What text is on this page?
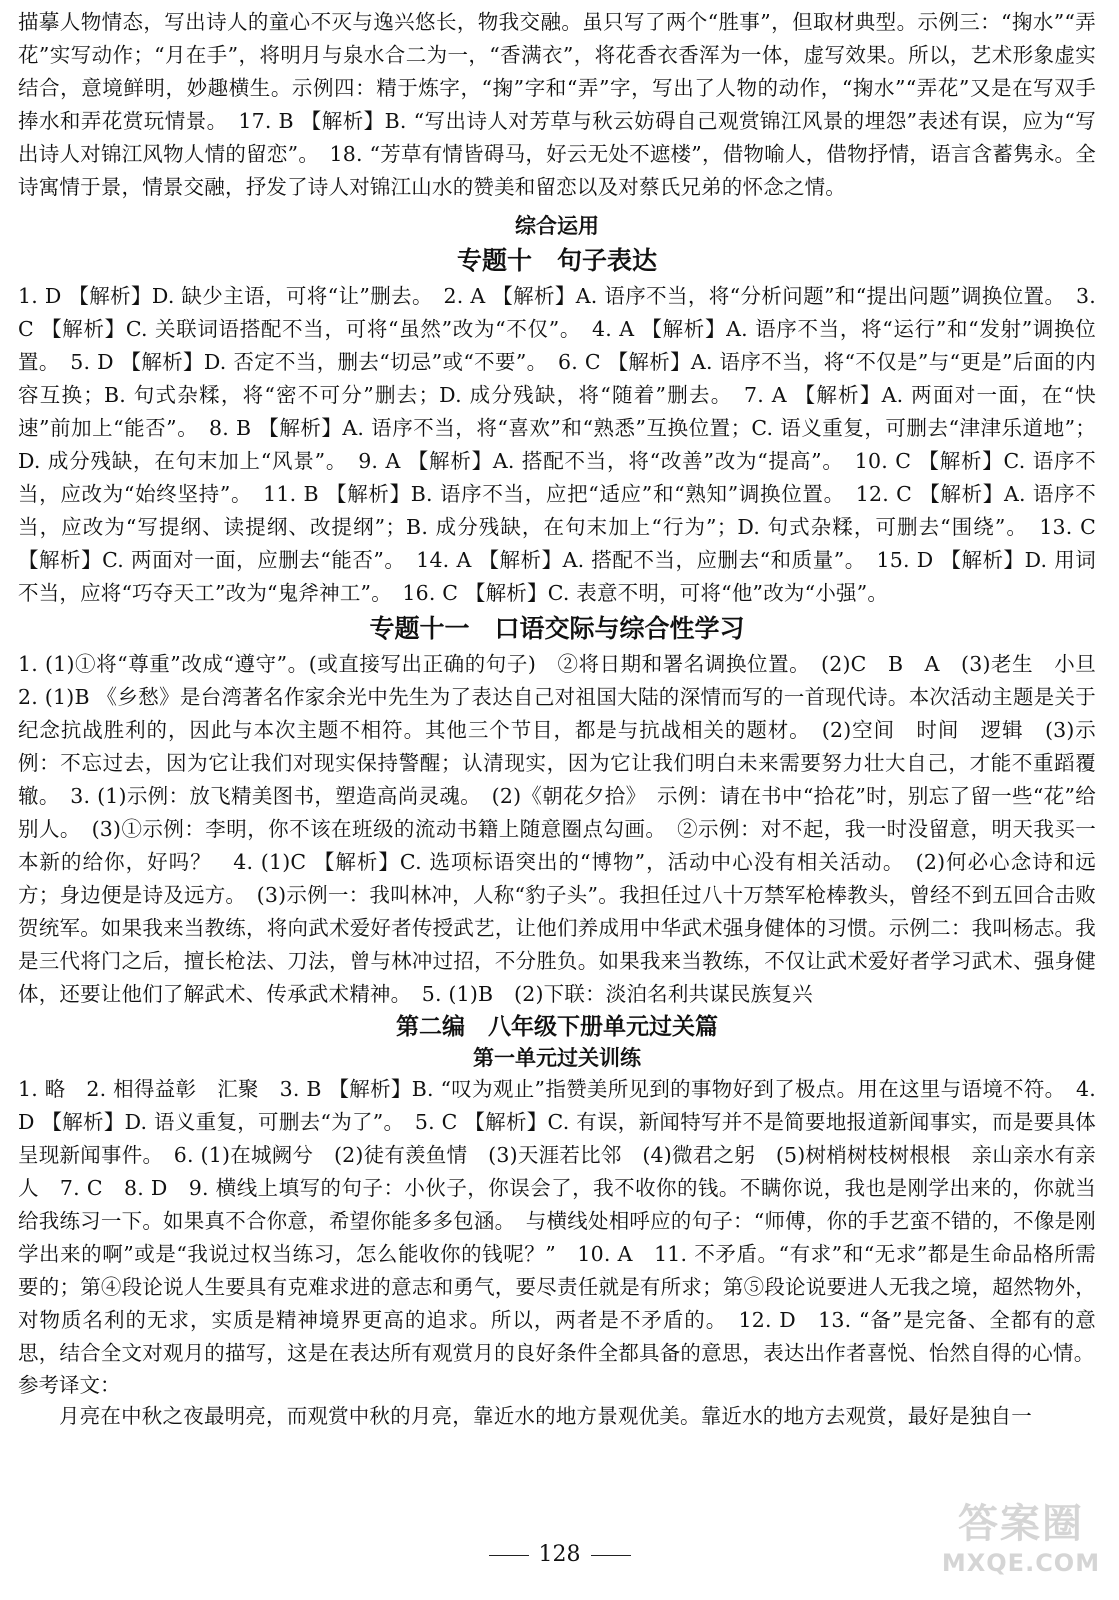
描摹人物情态，写出诗人的童心不灭与逸兴悠长，物我交融。虽只写了两个“胜事”，但取材典型。示例三：“掬水”“弄花”实写动作；“月在手”，将明月与泉水合二为一，“香满衣”，将花香衣香浑为一体，虚写效果。所以，艺术形象虚实结合，意境鲜明，妙趣横生。示例四：精于炼字，“掬”字和“弄”字，写出了人物的动作，“掬水”“弄花”又是在写双手捧水和弄花赏玩情景。　17. B 【解析】B. “写出诗人对芳草与秋云妨碍自己观赏锦江风景的埋怨”表述有误，应为“写出诗人对锦江风物人情的留恋”。　18. “芳草有情皆碍马，好云无处不遮楼”，借物喻人，借物抒情，语言含蓄隽永。全诗寓情于景，情景交融，抒发了诗人对锦江山水的赞美和留恋以及对蔡氏兄弟的怀念之情。

综合运用
专题十　句子表达

1. D 【解析】D. 缺少主语，可将“让”删去。　2. A 【解析】A. 语序不当，将“分析问题”和“提出问题”调换位置。　3. C 【解析】C. 关联词语搭配不当，可将“虽然”改为“不仅”。　4. A 【解析】A. 语序不当，将“运行”和“发射”调换位置。　5. D 【解析】D. 否定不当，删去“切忌”或“不要”。　6. C 【解析】A. 语序不当，将“不仅是”与“更是”后面的内容互换；B. 句式杂糅，将“密不可分”删去；D. 成分残缺，将“随着”删去。　7. A 【解析】A. 两面对一面，在“快速”前加上“能否”。　8. B 【解析】A. 语序不当，将“喜欢”和“熟悉”互换位置；C. 语义重复，可删去“津津乐道地”；D. 成分残缺，在句末加上“风景”。　9. A 【解析】A. 搭配不当，将“改善”改为“提高”。　10. C 【解析】C. 语序不当，应改为“始终坚持”。　11. B 【解析】B. 语序不当，应把“适应”和“熟知”调换位置。　12. C 【解析】A. 语序不当，应改为“写提纲、读提纲、改提纲”；B. 成分残缺，在句末加上“行为”；D. 句式杂糅，可删去“围绕”。　13. C 【解析】C. 两面对一面，应删去“能否”。　14. A 【解析】A. 搭配不当，应删去“和质量”。　15. D 【解析】D. 用词不当，应将“巧夺天工”改为“鬼斧神工”。　16. C 【解析】C. 表意不明，可将“他”改为“小强”。

专题十一　口语交际与综合性学习

1. (1)①将“尊重”改成“遵守”。(或直接写出正确的句子)　②将日期和署名调换位置。　(2)C　B　A　(3)老生　小旦　2. (1)B 《乡愁》是台湾著名作家余光中先生为了表达自己对祖国大陆的深情而写的一首现代诗。本次活动主题是关于纪念抗战胜利的，因此与本次主题不相符。其他三个节目，都是与抗战相关的题材。　(2)空间　时间　逻辑　(3)示例：不忘过去，因为它让我们对现实保持警醒；认清现实，因为它让我们明白未来需要努力壮大自己，才能不重蹈覆辙。　3. (1)示例：放飞精美图书，塑造高尚灵魂。　(2)《朝花夕拾》　示例：请在书中“拾花”时，别忘了留一些“花”给别人。　(3)①示例：李明，你不该在班级的流动书籍上随意圈点勾画。　②示例：对不起，我一时没留意，明天我买一本新的给你，好吗？　4. (1)C 【解析】C. 选项标语突出的“博物”，活动中心没有相关活动。　(2)何必心念诗和远方；身边便是诗及远方。　(3)示例一：我叫林冲，人称“豹子头”。我担任过八十万禁军枪棒教头，曾经不到五回合击败贺统军。如果我来当教练，将向武术爱好者传授武艺，让他们养成用中华武术强身健体的习惯。示例二：我叫杨志。我是三代将门之后，擅长枪法、刀法，曾与林冲过招，不分胜负。如果我来当教练，不仅让武术爱好者学习武术、强身健体，还要让他们了解武术、传承武术精神。　5. (1)B　(2)下联：淡泊名利共谋民族复兴

第二编　八年级下册单元过关篇
第一单元过关训练

1. 略　2. 相得益彰　汇聚　3. B 【解析】B. “叹为观止”指赞美所见到的事物好到了极点。用在这里与语境不符。　4. D 【解析】D. 语义重复，可删去“为了”。　5. C 【解析】C. 有误，新闻特写并不是简要地报道新闻事实，而是要具体呈现新闻事件。　6. (1)在城阙兮　(2)徒有羡鱼情　(3)天涯若比邻　(4)微君之躬　(5)树梢树枝树根根　亲山亲水有亲人　7. C　8. D　9. 横线上填写的句子：小伙子，你误会了，我不收你的钱。不瞒你说，我也是刚学出来的，你就当给我练习一下。如果真不合你意，希望你能多多包涵。　与横线处相呼应的句子：“师傅，你的手艺蛮不错的，不像是刚学出来的啊”或是“我说过权当练习，怎么能收你的钱呢？”　10. A　11. 不矛盾。“有求”和“无求”都是生命品格所需要的；第④段论说人生要具有克难求进的意志和勇气，要尽责任就是有所求；第⑤段论说要进人无我之境，超然物外，对物质名利的无求，实质是精神境界更高的追求。所以，两者是不矛盾的。　12. D　13. “备”是完备、全都有的意思，结合全文对观月的描写，这是在表达所有观赏月的良好条件全都具备的意思，表达出作者喜悦、怡然自得的心情。

参考译文：

月亮在中秋之夜最明亮，而观赏中秋的月亮，靠近水的地方景观优美。靠近水的地方去观赏，最好是独自一

128
答案圈
MXQE.COM
